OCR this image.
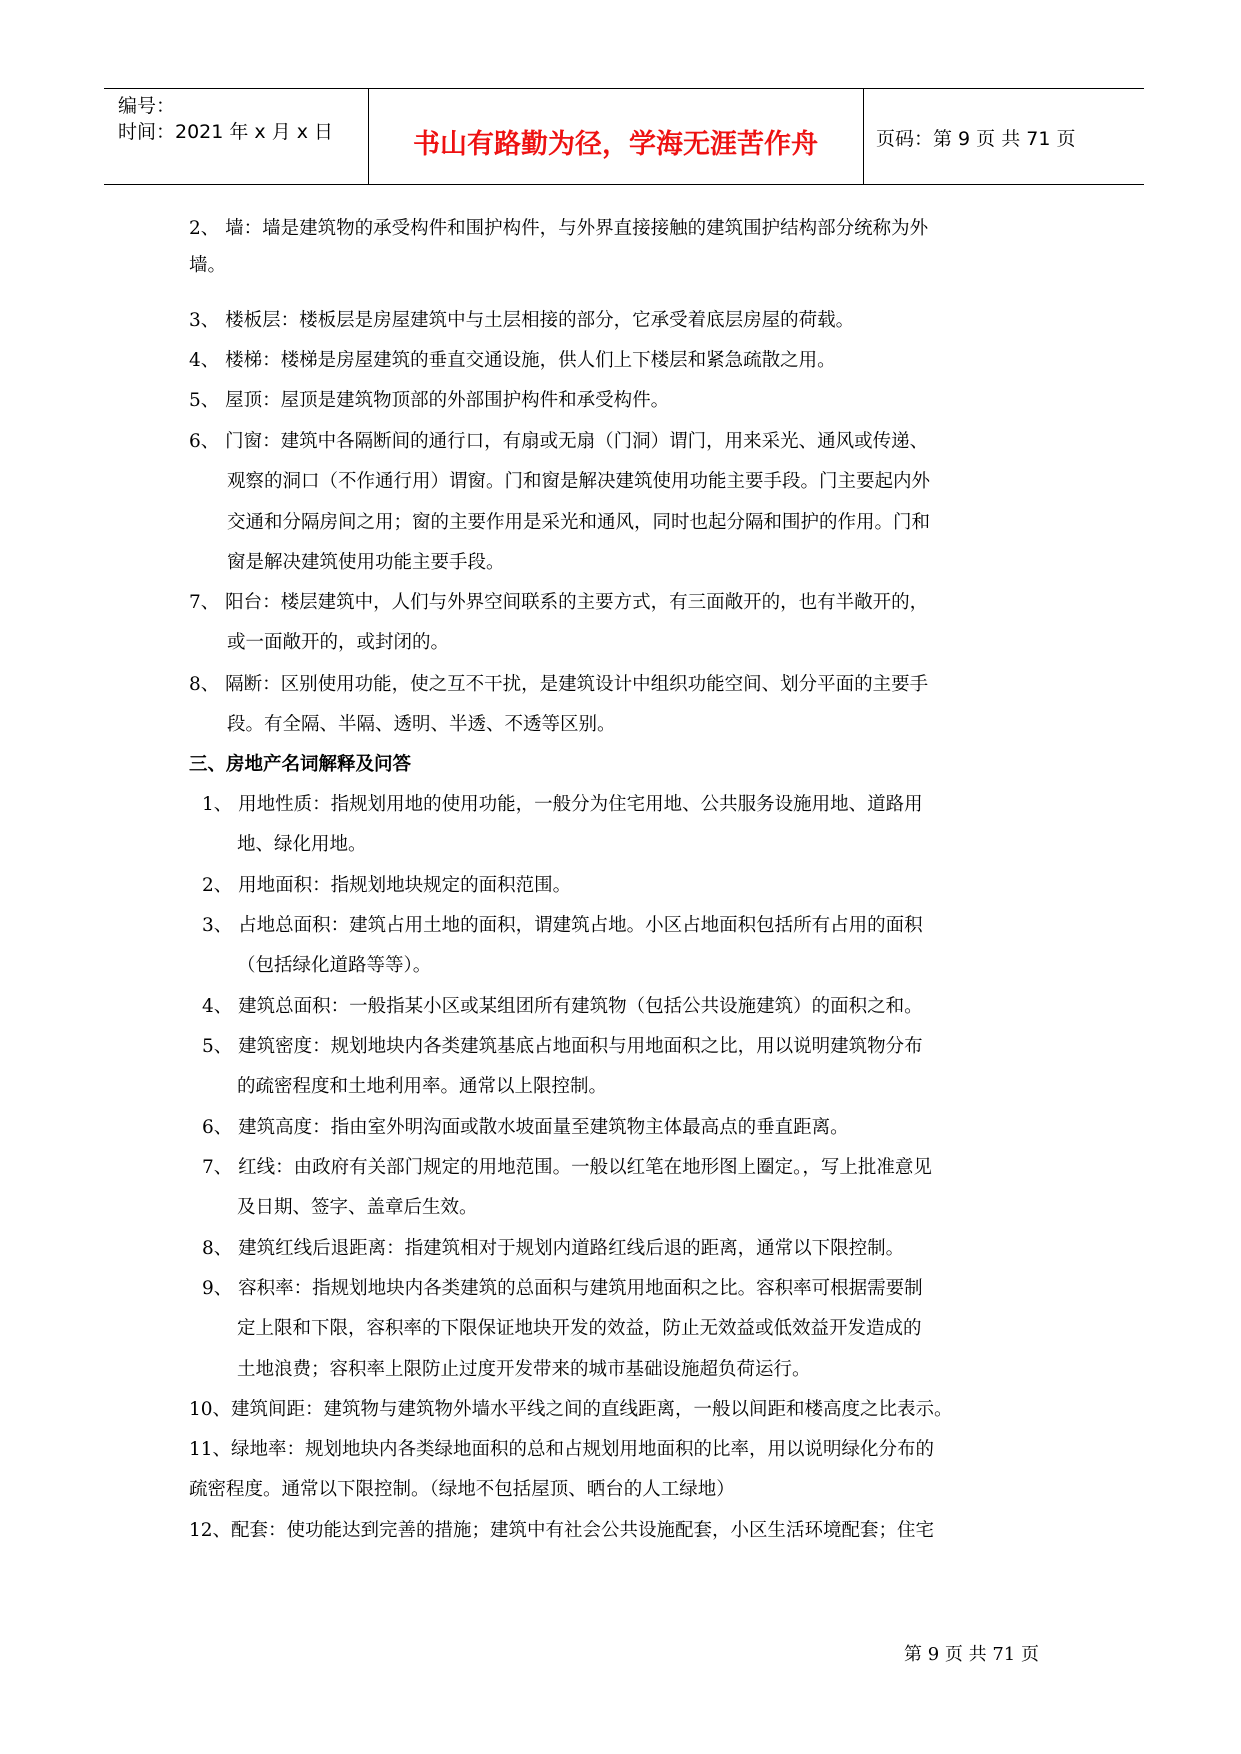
编号：
时间：2021 年 x 月 x 日	书山有路勤为径，学海无涯苦作舟	页码：第 9 页 共 71 页
2、 墙：墙是建筑物的承受构件和围护构件，与外界直接接触的建筑围护结构部分统称为外
墙。
3、 楼板层：楼板层是房屋建筑中与土层相接的部分，它承受着底层房屋的荷载。
4、 楼梯：楼梯是房屋建筑的垂直交通设施，供人们上下楼层和紧急疏散之用。
5、 屋顶：屋顶是建筑物顶部的外部围护构件和承受构件。
6、 门窗：建筑中各隔断间的通行口，有扇或无扇（门洞）谓门，用来采光、通风或传递、
观察的洞口（不作通行用）谓窗。门和窗是解决建筑使用功能主要手段。门主要起内外
交通和分隔房间之用；窗的主要作用是采光和通风，同时也起分隔和围护的作用。门和
窗是解决建筑使用功能主要手段。
7、 阳台：楼层建筑中，人们与外界空间联系的主要方式，有三面敞开的，也有半敞开的，
或一面敞开的，或封闭的。
8、 隔断：区别使用功能，使之互不干扰，是建筑设计中组织功能空间、划分平面的主要手
段。有全隔、半隔、透明、半透、不透等区别。
三、房地产名词解释及问答
1、 用地性质：指规划用地的使用功能，一般分为住宅用地、公共服务设施用地、道路用
地、绿化用地。
2、 用地面积：指规划地块规定的面积范围。
3、 占地总面积：建筑占用土地的面积，谓建筑占地。小区占地面积包括所有占用的面积
（包括绿化道路等等）。
4、 建筑总面积：一般指某小区或某组团所有建筑物（包括公共设施建筑）的面积之和。
5、 建筑密度：规划地块内各类建筑基底占地面积与用地面积之比，用以说明建筑物分布
的疏密程度和土地利用率。通常以上限控制。
6、 建筑高度：指由室外明沟面或散水坡面量至建筑物主体最高点的垂直距离。
7、 红线：由政府有关部门规定的用地范围。一般以红笔在地形图上圈定。，写上批准意见
及日期、签字、盖章后生效。
8、 建筑红线后退距离：指建筑相对于规划内道路红线后退的距离，通常以下限控制。
9、 容积率：指规划地块内各类建筑的总面积与建筑用地面积之比。容积率可根据需要制
定上限和下限，容积率的下限保证地块开发的效益，防止无效益或低效益开发造成的
土地浪费；容积率上限防止过度开发带来的城市基础设施超负荷运行。
10、建筑间距：建筑物与建筑物外墙水平线之间的直线距离，一般以间距和楼高度之比表示。
11、绿地率：规划地块内各类绿地面积的总和占规划用地面积的比率，用以说明绿化分布的
疏密程度。通常以下限控制。（绿地不包括屋顶、晒台的人工绿地）
12、配套：使功能达到完善的措施；建筑中有社会公共设施配套，小区生活环境配套；住宅
第 9 页 共 71 页
